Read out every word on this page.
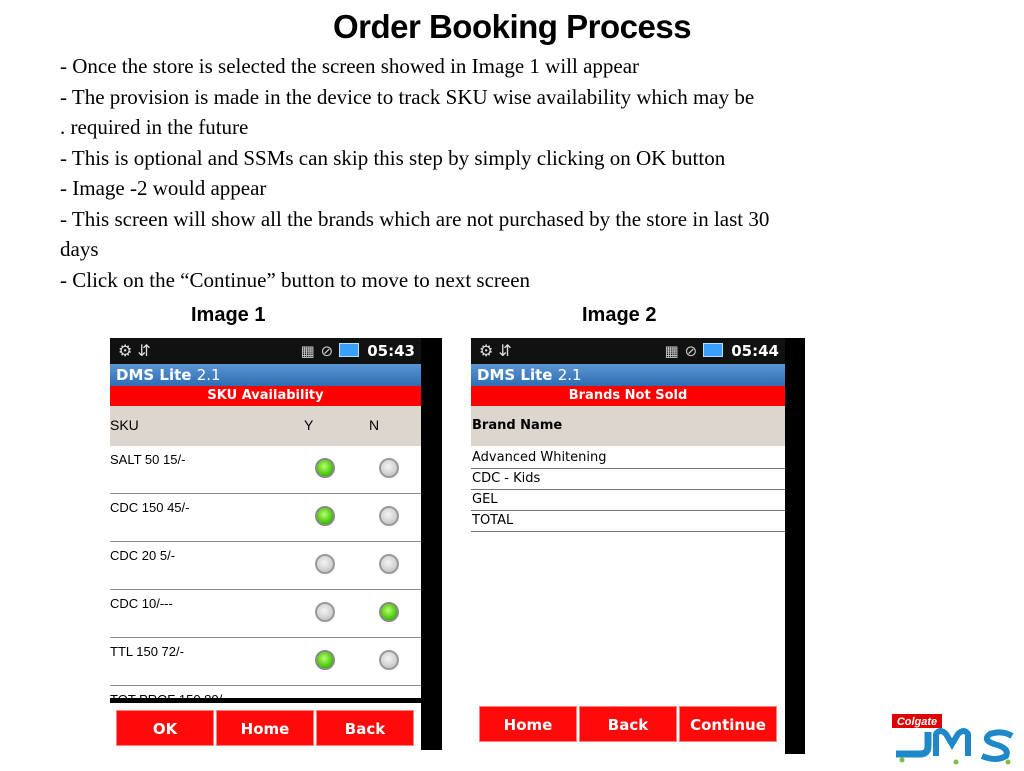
Order Booking Process
- Once the store is selected the screen showed in Image 1 will appear
- The provision is made in the device to track SKU wise availability which may be
. required in the future
- This is optional and SSMs can skip this step by simply clicking on OK button
- Image -2 would appear
- This screen will show all the brands which are not purchased by the store in last 30
days
- Click on the “Continue” button to move to next screen
Image 1	Image 2
⚙ ⇵	▦ ⊘ 05:43
DMS Lite 2.1
SKU Availability
SKU	Y	N
SALT 50 15/-
CDC 150 45/-
CDC 20 5/-
CDC 10/---
TTL 150 72/-
OK	Home	Back
⚙ ⇵	▦ ⊘ 05:44
DMS Lite 2.1
Brands Not Sold
Brand Name
Advanced Whitening
CDC - Kids
GEL
TOTAL
Home	Back	Continue	Colgate
DMS
